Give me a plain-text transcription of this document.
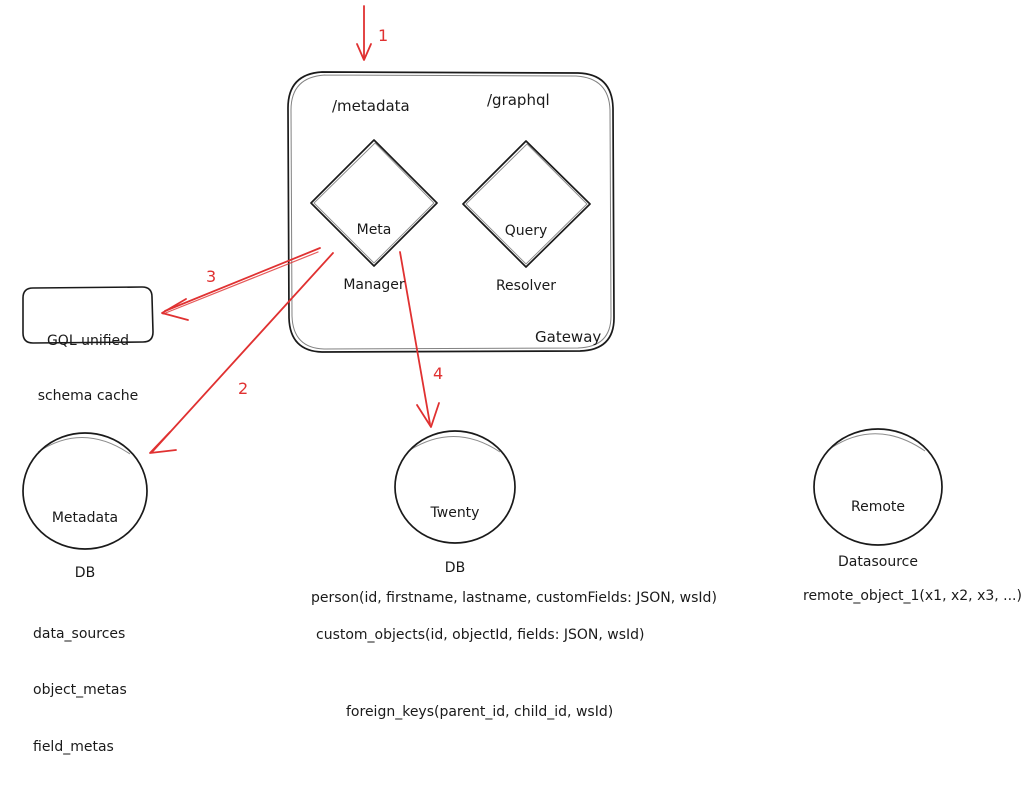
1
2
3
4
/metadata	/graphql
Gateway

Meta

Manager

Query

Resolver

GQL unified

schema cache

Metadata

DB

Twenty

DB

Remote

Datasource

data_sources

object_metas

field_metas

person(id, firstname, lastname, customFields: JSON, wsId)
custom_objects(id, objectId, fields: JSON, wsId)
remote_object_1(x1, x2, x3, ...)
foreign_keys(parent_id, child_id, wsId)
